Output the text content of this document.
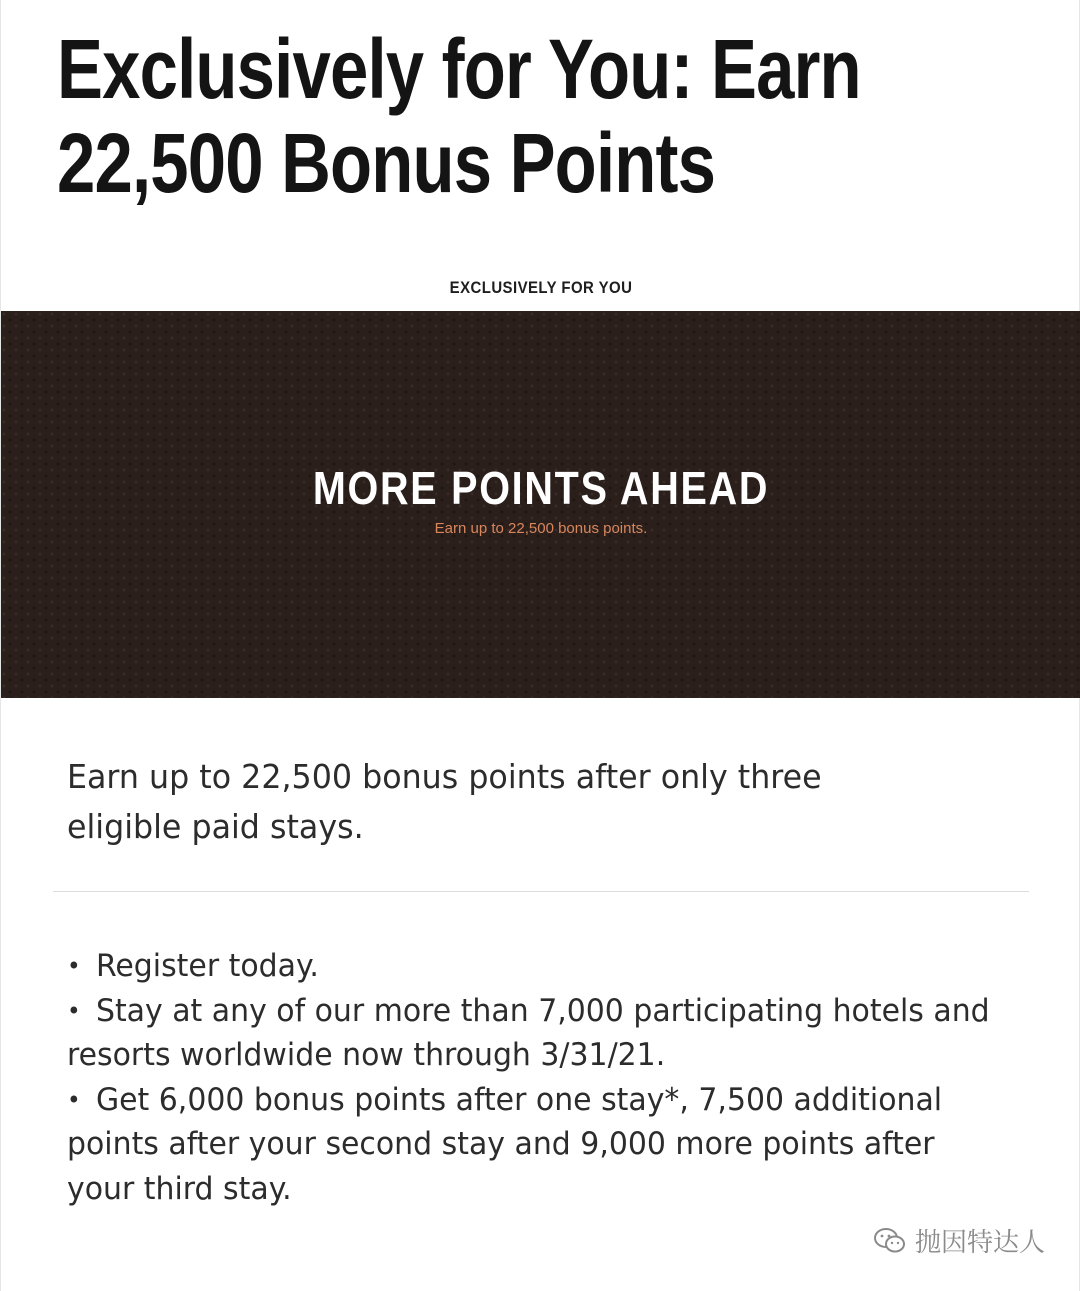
Exclusively for You: Earn
22,500 Bonus Points
EXCLUSIVELY FOR YOU
MORE POINTS AHEAD
Earn up to 22,500 bonus points.

Earn up to 22,500 bonus points after only three eligible paid stays.

• Register today.
• Stay at any of our more than 7,000 participating hotels and resorts worldwide now through 3/31/21.
• Get 6,000 bonus points after one stay*, 7,500 additional points after your second stay and 9,000 more points after your third stay.
抛因特达人
